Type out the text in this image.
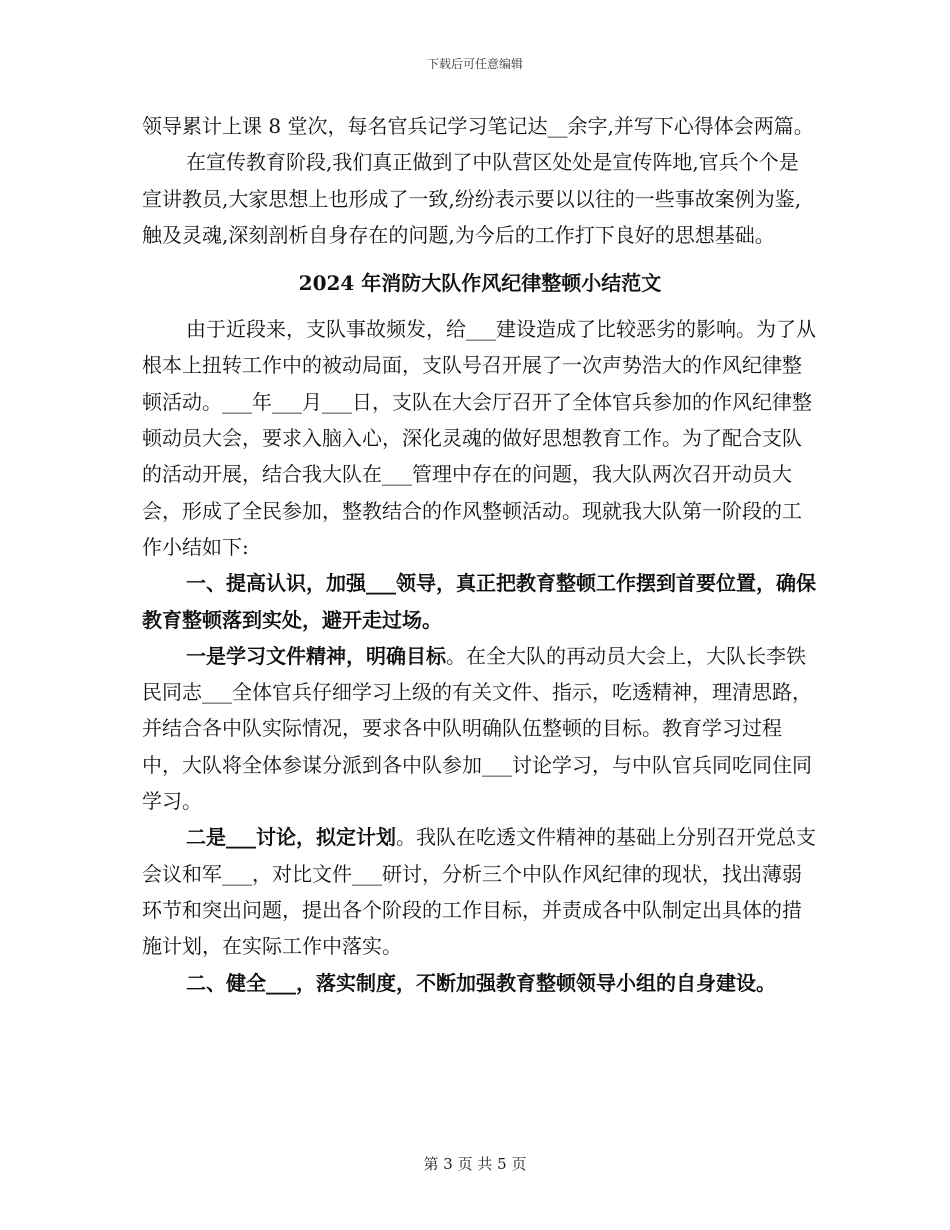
下载后可任意编辑

领导累计上课 8 堂次，每名官兵记学习笔记达__余字,并写下心得体会两篇。

在宣传教育阶段,我们真正做到了中队营区处处是宣传阵地,官兵个个是宣讲教员,大家思想上也形成了一致,纷纷表示要以以往的一些事故案例为鉴,触及灵魂,深刻剖析自身存在的问题,为今后的工作打下良好的思想基础。

2024 年消防大队作风纪律整顿小结范文

由于近段来，支队事故频发，给___建设造成了比较恶劣的影响。为了从根本上扭转工作中的被动局面，支队号召开展了一次声势浩大的作风纪律整顿活动。___年___月___日，支队在大会厅召开了全体官兵参加的作风纪律整顿动员大会，要求入脑入心，深化灵魂的做好思想教育工作。为了配合支队的活动开展，结合我大队在___管理中存在的问题，我大队两次召开动员大会，形成了全民参加，整教结合的作风整顿活动。现就我大队第一阶段的工作小结如下:

一、提高认识，加强___领导，真正把教育整顿工作摆到首要位置，确保教育整顿落到实处，避开走过场。

一是学习文件精神，明确目标。在全大队的再动员大会上，大队长李铁民同志___全体官兵仔细学习上级的有关文件、指示，吃透精神，理清思路，并结合各中队实际情况，要求各中队明确队伍整顿的目标。教育学习过程中，大队将全体参谋分派到各中队参加___讨论学习，与中队官兵同吃同住同学习。

二是___讨论，拟定计划。我队在吃透文件精神的基础上分别召开党总支会议和军___，对比文件___研讨，分析三个中队作风纪律的现状，找出薄弱环节和突出问题，提出各个阶段的工作目标，并责成各中队制定出具体的措施计划，在实际工作中落实。

二、健全___，落实制度，不断加强教育整顿领导小组的自身建设。

第 3 页 共 5 页
